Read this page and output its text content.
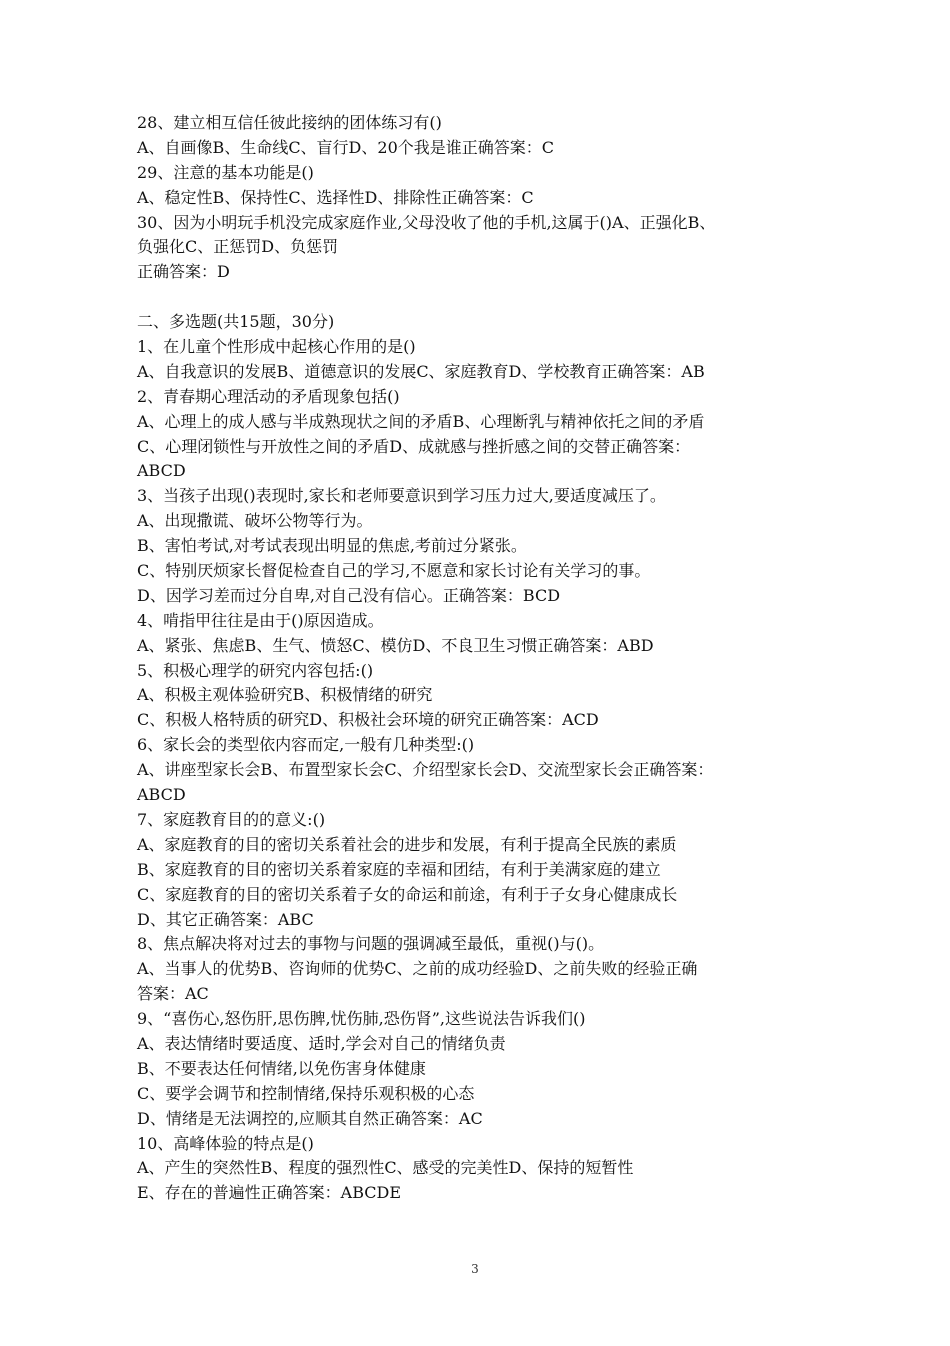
28、建立相互信任彼此接纳的团体练习有()
A、自画像B、生命线C、盲行D、20个我是谁正确答案：C
29、注意的基本功能是()
A、稳定性B、保持性C、选择性D、排除性正确答案：C
30、因为小明玩手机没完成家庭作业,父母没收了他的手机,这属于()A、正强化B、
负强化C、正惩罚D、负惩罚
正确答案：D
二、多选题(共15题，30分)
1、在儿童个性形成中起核心作用的是()
A、自我意识的发展B、道德意识的发展C、家庭教育D、学校教育正确答案：AB
2、青春期心理活动的矛盾现象包括()
A、心理上的成人感与半成熟现状之间的矛盾B、心理断乳与精神依托之间的矛盾
C、心理闭锁性与开放性之间的矛盾D、成就感与挫折感之间的交替正确答案：
ABCD
3、当孩子出现()表现时,家长和老师要意识到学习压力过大,要适度减压了。
A、出现撒谎、破坏公物等行为。
B、害怕考试,对考试表现出明显的焦虑,考前过分紧张。
C、特别厌烦家长督促检查自己的学习,不愿意和家长讨论有关学习的事。
D、因学习差而过分自卑,对自己没有信心。正确答案：BCD
4、啃指甲往往是由于()原因造成。
A、紧张、焦虑B、生气、愤怒C、模仿D、不良卫生习惯正确答案：ABD
5、积极心理学的研究内容包括:()
A、积极主观体验研究B、积极情绪的研究
C、积极人格特质的研究D、积极社会环境的研究正确答案：ACD
6、家长会的类型依内容而定,一般有几种类型:()
A、讲座型家长会B、布置型家长会C、介绍型家长会D、交流型家长会正确答案：
ABCD
7、家庭教育目的的意义:()
A、家庭教育的目的密切关系着社会的进步和发展，有利于提高全民族的素质
B、家庭教育的目的密切关系着家庭的幸福和团结，有利于美满家庭的建立
C、家庭教育的目的密切关系着子女的命运和前途，有利于子女身心健康成长
D、其它正确答案：ABC
8、焦点解决将对过去的事物与问题的强调减至最低，重视()与()。
A、当事人的优势B、咨询师的优势C、之前的成功经验D、之前失败的经验正确
答案：AC
9、“喜伤心,怒伤肝,思伤脾,忧伤肺,恐伤肾”,这些说法告诉我们()
A、表达情绪时要适度、适时,学会对自己的情绪负责
B、不要表达任何情绪,以免伤害身体健康
C、要学会调节和控制情绪,保持乐观积极的心态
D、情绪是无法调控的,应顺其自然正确答案：AC
10、高峰体验的特点是()
A、产生的突然性B、程度的强烈性C、感受的完美性D、保持的短暂性
E、存在的普遍性正确答案：ABCDE
3
